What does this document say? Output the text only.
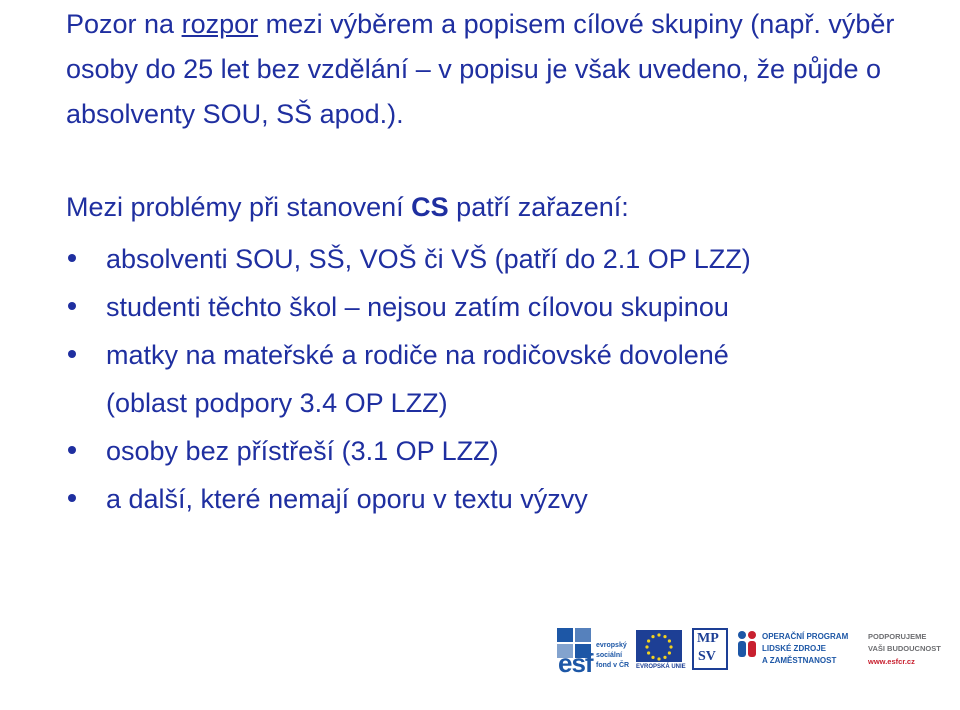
Pozor na rozpor mezi výběrem a popisem cílové skupiny (např. výběr osoby do 25 let bez vzdělání – v popisu je však uvedeno, že půjde o absolventy SOU, SŠ apod.).
Mezi problémy při stanovení CS patří zařazení:
absolventi SOU, SŠ, VOŠ či VŠ (patří do 2.1 OP LZZ)
studenti těchto škol – nejsou zatím cílovou skupinou
matky na mateřské a rodiče na rodičovské dovolené
(oblast podpory 3.4 OP LZZ)
osoby bez přístřeší (3.1 OP LZZ)
a další, které nemají oporu v textu výzvy
esf
evropský
sociální
fond v ČR EVROPSKÁ UNIE
MP
SV
OPERAČNÍ PROGRAM
LIDSKÉ ZDROJE
A ZAMĚSTNANOST
PODPORUJEME
VAŠI BUDOUCNOST
www.esfcr.cz
